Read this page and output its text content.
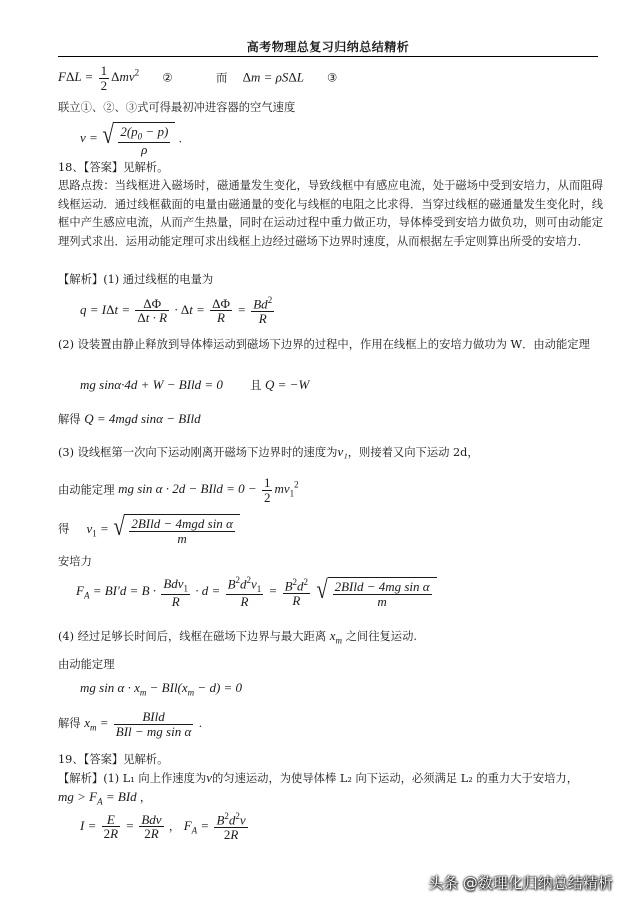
高考物理总复习归纳总结精析
$F\Delta L = \frac{1}{2} \Delta mv^2$ ②	而 Δm = ρSΔL ③
联立①、②、③式可得最初冲进容器的空气速度
v = √ $\frac{2(p_0 - p)}{\rho}$ .
18、【答案】见解析。
思路点拨：当线框进入磁场时，磁通量发生变化，导致线框中有感应电流，处于磁场中受到安培力，从而阻碍线框运动．通过线框截面的电量由磁通量的变化与线框的电阻之比求得．当穿过线框的磁通量发生变化时，线框中产生感应电流，从而产生热量，同时在运动过程中重力做正功，导体棒受到安培力做负功，则可由动能定理列式求出．运用动能定理可求出线框上边经过磁场下边界时速度，从而根据左手定则算出所受的安培力．
【解析】(1) 通过线框的电量为
$q = I\Delta t = \frac{\Delta\Phi}{\Delta t \cdot R} \cdot \Delta t = \frac{\Delta\Phi}{R} = \frac{Bd^2}{R}$
(2) 设装置由静止释放到导体棒运动到磁场下边界的过程中，作用在线框上的安培力做功为 W．由动能定理
mg sinα·4d + W − BIld = 0 且 Q = −W
解得 Q = 4mgd sinα − BIld
(3) 设线框第一次向下运动刚离开磁场下边界时的速度为v₁，则接着又向下运动 2d，
由动能定理 mg sin α · 2d − BIld = $0 - \frac{1}{2} mv_1^2$
得  $v_1$ = √ $\frac{\text{2BIld − 4mgd sin α}}{m}$
安培力
$F_A = BI'd = B \cdot \frac{Bdv_1}{R} \cdot d = \frac{B^2d^2v_1}{R} = \frac{B^2d^2}{R}$
√ $\frac{\text{2BIld − 4mg sin α}}{m}$
(4) 经过足够长时间后，线框在磁场下边界与最大距离 $x_m$ 之间往复运动.
由动能定理
mg $\sin \alpha \cdot x_m - BIl(x_m - d) = 0$
解得 $x_m = \frac{\text{BIld}}{\text{BIl − mg sin α}}$ .
19、【答案】见解析。
【解析】(1) L₁ 向上作速度为v的匀速运动，为使导体棒 L₂ 向下运动，必须满足 L₂ 的重力大于安培力，
mg > $F_A$ = BId ，
$I = \frac{E}{2R} = \frac{\text{Bdv}}{2R}$ ， $F_A = \frac{B^2d^2v}{2R}$
头条 @数理化归纳总结精析
